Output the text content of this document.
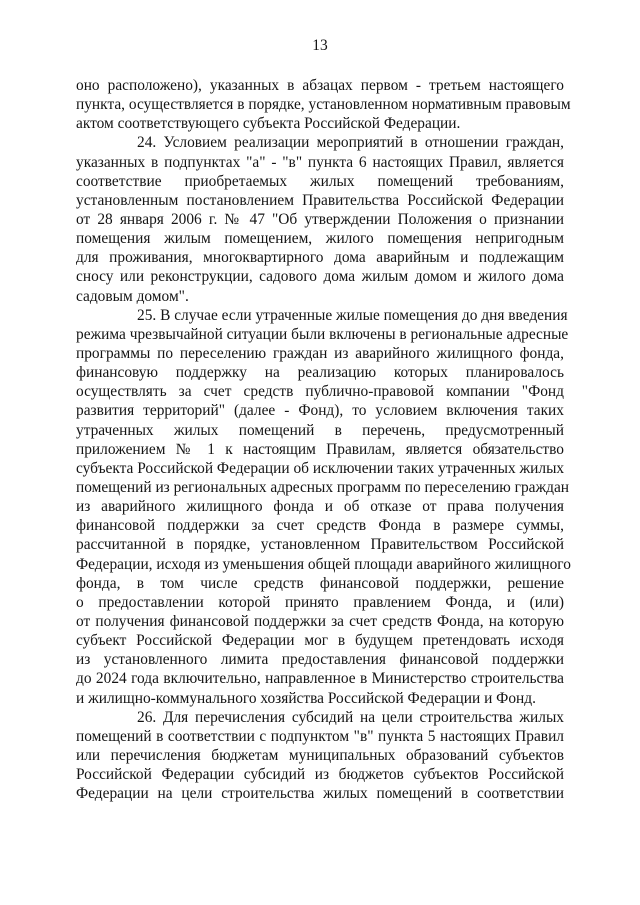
13
оно расположено), указанных в абзацах первом - третьем настоящего
пункта, осуществляется в порядке, установленном нормативным правовым
актом соответствующего субъекта Российской Федерации.
24. Условием реализации мероприятий в отношении граждан,
указанных в подпунктах "а" - "в" пункта 6 настоящих Правил, является
соответствие приобретаемых жилых помещений требованиям,
установленным постановлением Правительства Российской Федерации
от 28 января 2006 г. № 47 "Об утверждении Положения о признании
помещения жилым помещением, жилого помещения непригодным
для проживания, многоквартирного дома аварийным и подлежащим
сносу или реконструкции, садового дома жилым домом и жилого дома
садовым домом".
25. В случае если утраченные жилые помещения до дня введения
режима чрезвычайной ситуации были включены в региональные адресные
программы по переселению граждан из аварийного жилищного фонда,
финансовую поддержку на реализацию которых планировалось
осуществлять за счет средств публично-правовой компании "Фонд
развития территорий" (далее - Фонд), то условием включения таких
утраченных жилых помещений в перечень, предусмотренный
приложением № 1 к настоящим Правилам, является обязательство
субъекта Российской Федерации об исключении таких утраченных жилых
помещений из региональных адресных программ по переселению граждан
из аварийного жилищного фонда и об отказе от права получения
финансовой поддержки за счет средств Фонда в размере суммы,
рассчитанной в порядке, установленном Правительством Российской
Федерации, исходя из уменьшения общей площади аварийного жилищного
фонда, в том числе средств финансовой поддержки, решение
о предоставлении которой принято правлением Фонда, и (или)
от получения финансовой поддержки за счет средств Фонда, на которую
субъект Российской Федерации мог в будущем претендовать исходя
из установленного лимита предоставления финансовой поддержки
до 2024 года включительно, направленное в Министерство строительства
и жилищно-коммунального хозяйства Российской Федерации и Фонд.
26. Для перечисления субсидий на цели строительства жилых
помещений в соответствии с подпунктом "в" пункта 5 настоящих Правил
или перечисления бюджетам муниципальных образований субъектов
Российской Федерации субсидий из бюджетов субъектов Российской
Федерации на цели строительства жилых помещений в соответствии
